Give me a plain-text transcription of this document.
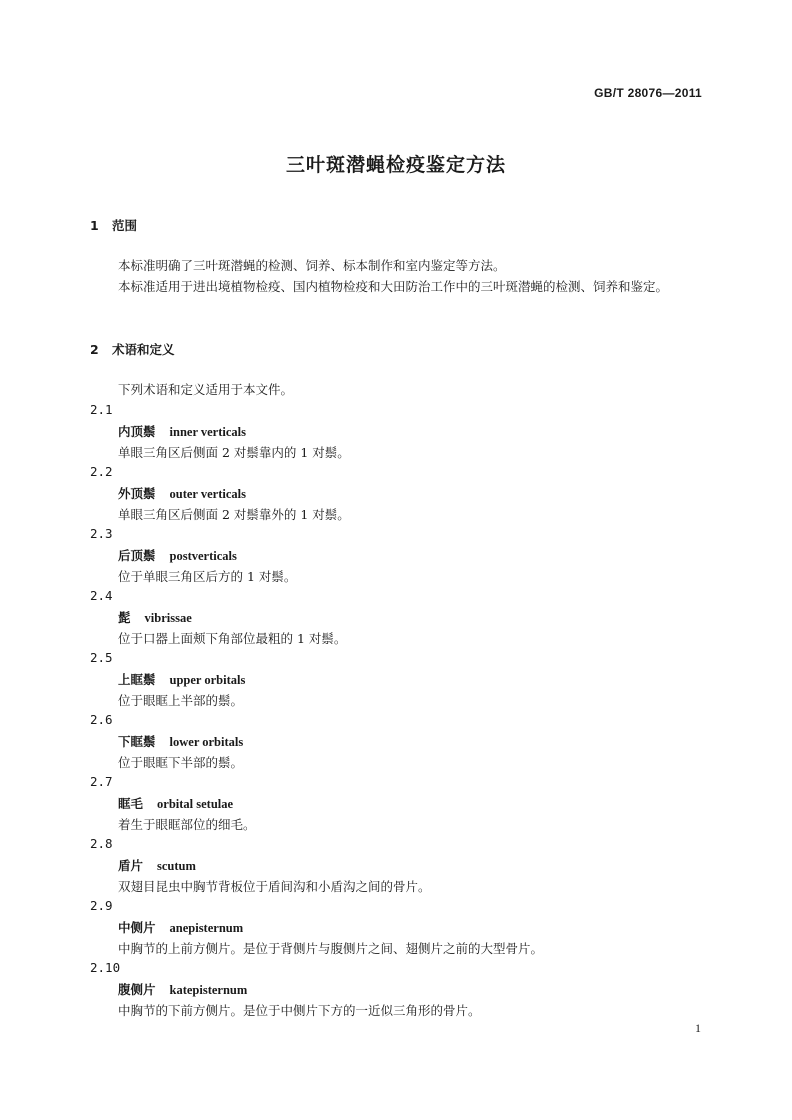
GB/T 28076—2011
三叶斑潜蝇检疫鉴定方法
1 范围
本标准明确了三叶斑潜蝇的检测、饲养、标本制作和室内鉴定等方法。
本标准适用于进出境植物检疫、国内植物检疫和大田防治工作中的三叶斑潜蝇的检测、饲养和鉴定。
2 术语和定义
下列术语和定义适用于本文件。
2.1
内顶鬃 inner verticals
单眼三角区后侧面 2 对鬃靠内的 1 对鬃。
2.2
外顶鬃 outer verticals
单眼三角区后侧面 2 对鬃靠外的 1 对鬃。
2.3
后顶鬃 postverticals
位于单眼三角区后方的 1 对鬃。
2.4
髭 vibrissae
位于口器上面颊下角部位最粗的 1 对鬃。
2.5
上眶鬃 upper orbitals
位于眼眶上半部的鬃。
2.6
下眶鬃 lower orbitals
位于眼眶下半部的鬃。
2.7
眶毛 orbital setulae
着生于眼眶部位的细毛。
2.8
盾片 scutum
双翅目昆虫中胸节背板位于盾间沟和小盾沟之间的骨片。
2.9
中侧片 anepisternum
中胸节的上前方侧片。是位于背侧片与腹侧片之间、翅侧片之前的大型骨片。
2.10
腹侧片 katepisternum
中胸节的下前方侧片。是位于中侧片下方的一近似三角形的骨片。
1
